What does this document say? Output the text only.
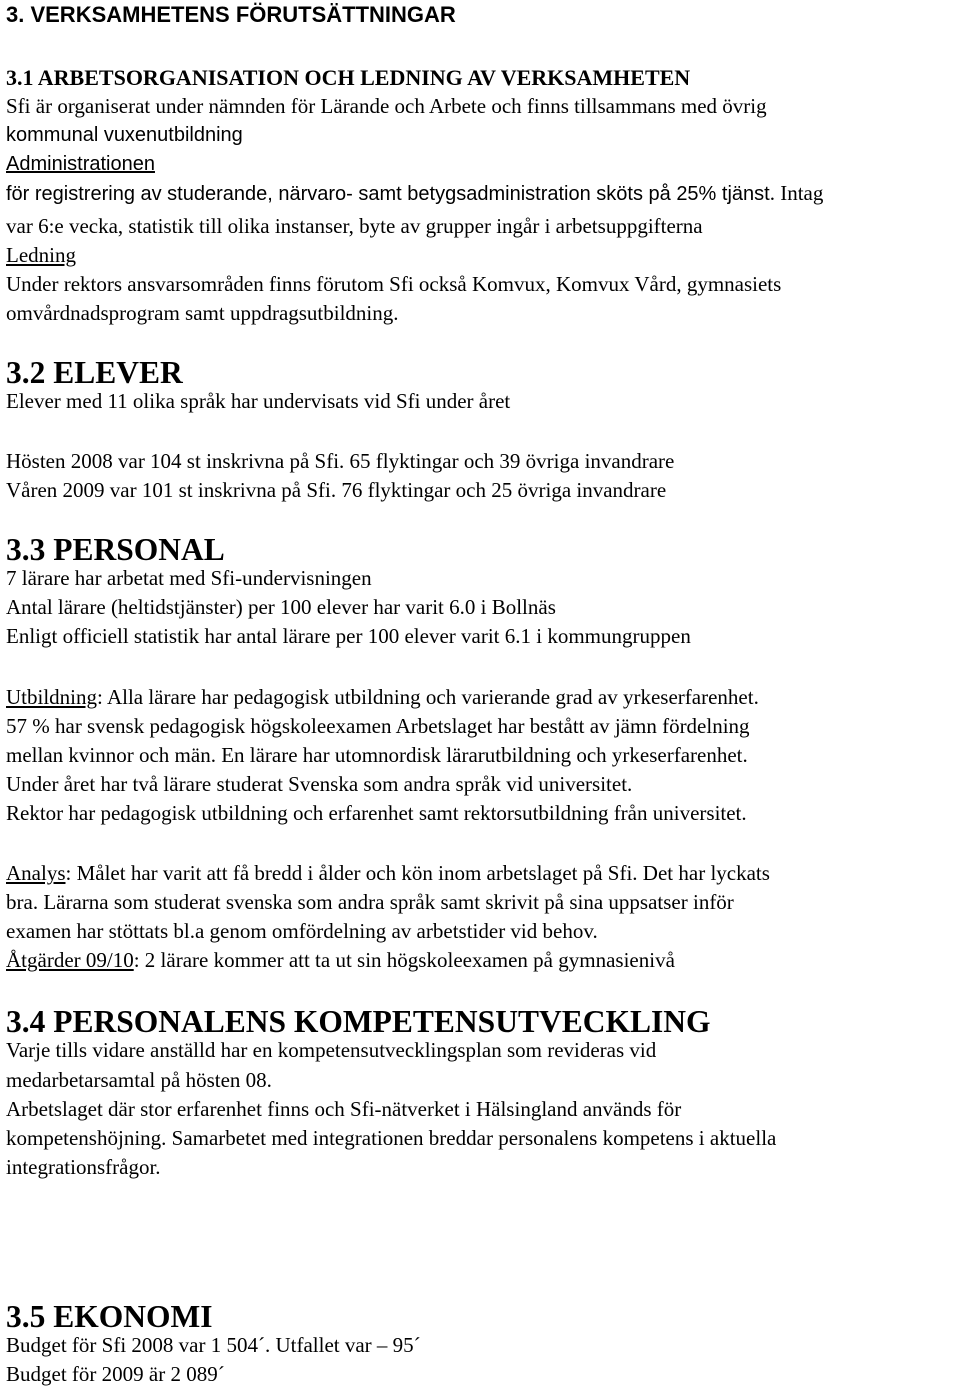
3. VERKSAMHETENS FÖRUTSÄTTNINGAR
3.1 ARBETSORGANISATION OCH LEDNING AV VERKSAMHETEN

Sfi är organiserat under nämnden för Lärande och Arbete och finns tillsammans med övrig

kommunal vuxenutbildning

Administrationen

för registrering av studerande, närvaro- samt betygsadministration sköts på 25% tjänst. Intag

var 6:e vecka, statistik till olika instanser, byte av grupper ingår i arbetsuppgifterna

Ledning

Under rektors ansvarsområden finns förutom Sfi också Komvux, Komvux Vård, gymnasiets

omvårdnadsprogram samt uppdragsutbildning.

3.2 ELEVER

Elever med 11 olika språk har undervisats vid Sfi under året

Hösten 2008 var 104 st inskrivna på Sfi. 65 flyktingar och 39 övriga invandrare

Våren 2009 var 101 st inskrivna på Sfi. 76 flyktingar och 25 övriga invandrare

3.3 PERSONAL

7 lärare har arbetat med Sfi-undervisningen

Antal lärare (heltidstjänster) per 100 elever har varit 6.0 i Bollnäs

Enligt officiell statistik har antal lärare per 100 elever varit 6.1 i kommungruppen

Utbildning: Alla lärare har pedagogisk utbildning och varierande grad av yrkeserfarenhet.

57 % har svensk pedagogisk högskoleexamen Arbetslaget har bestått av jämn fördelning

mellan kvinnor och män. En lärare har utomnordisk lärarutbildning och yrkeserfarenhet.

Under året har två lärare studerat Svenska som andra språk vid universitet.

Rektor har pedagogisk utbildning och erfarenhet samt rektorsutbildning från universitet.

Analys: Målet har varit att få bredd i ålder och kön inom arbetslaget på Sfi. Det har lyckats

bra. Lärarna som studerat svenska som andra språk samt skrivit på sina uppsatser inför

examen har stöttats bl.a genom omfördelning av arbetstider vid behov.

Åtgärder 09/10: 2 lärare kommer att ta ut sin högskoleexamen på gymnasienivå

3.4 PERSONALENS KOMPETENSUTVECKLING

Varje tills vidare anställd har en kompetensutvecklingsplan som revideras vid

medarbetarsamtal på hösten 08.

Arbetslaget där stor erfarenhet finns och Sfi-nätverket i Hälsingland används för

kompetenshöjning. Samarbetet med integrationen breddar personalens kompetens i aktuella

integrationsfrågor.

3.5 EKONOMI

Budget för Sfi 2008 var 1 504´. Utfallet var – 95´

Budget för 2009 är 2 089´
